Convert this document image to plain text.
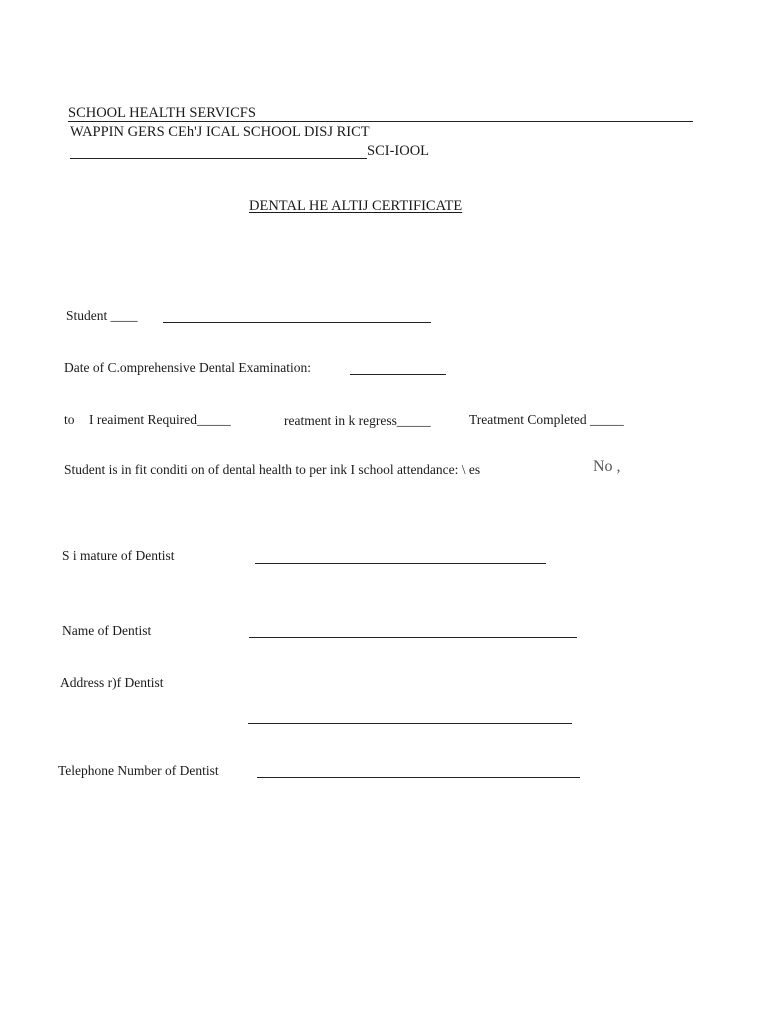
SCHOOL HEALTH SERVICFS
WAPPIN GERS CEh'J ICAL SCHOOL DISJ RICT
SCI-IOOL
DENTAL HE ALTIJ CERTIFICATE
Student ____
Date of C.omprehensive Dental Examination:
to I reaiment Required_____	reatment in k regress_____	Treatment Completed _____
Student is in fit conditi on of dental health to per ink I school attendance: \ es	No ,
S i mature of Dentist
Name of Dentist
Address r)f Dentist
Telephone Number of Dentist
